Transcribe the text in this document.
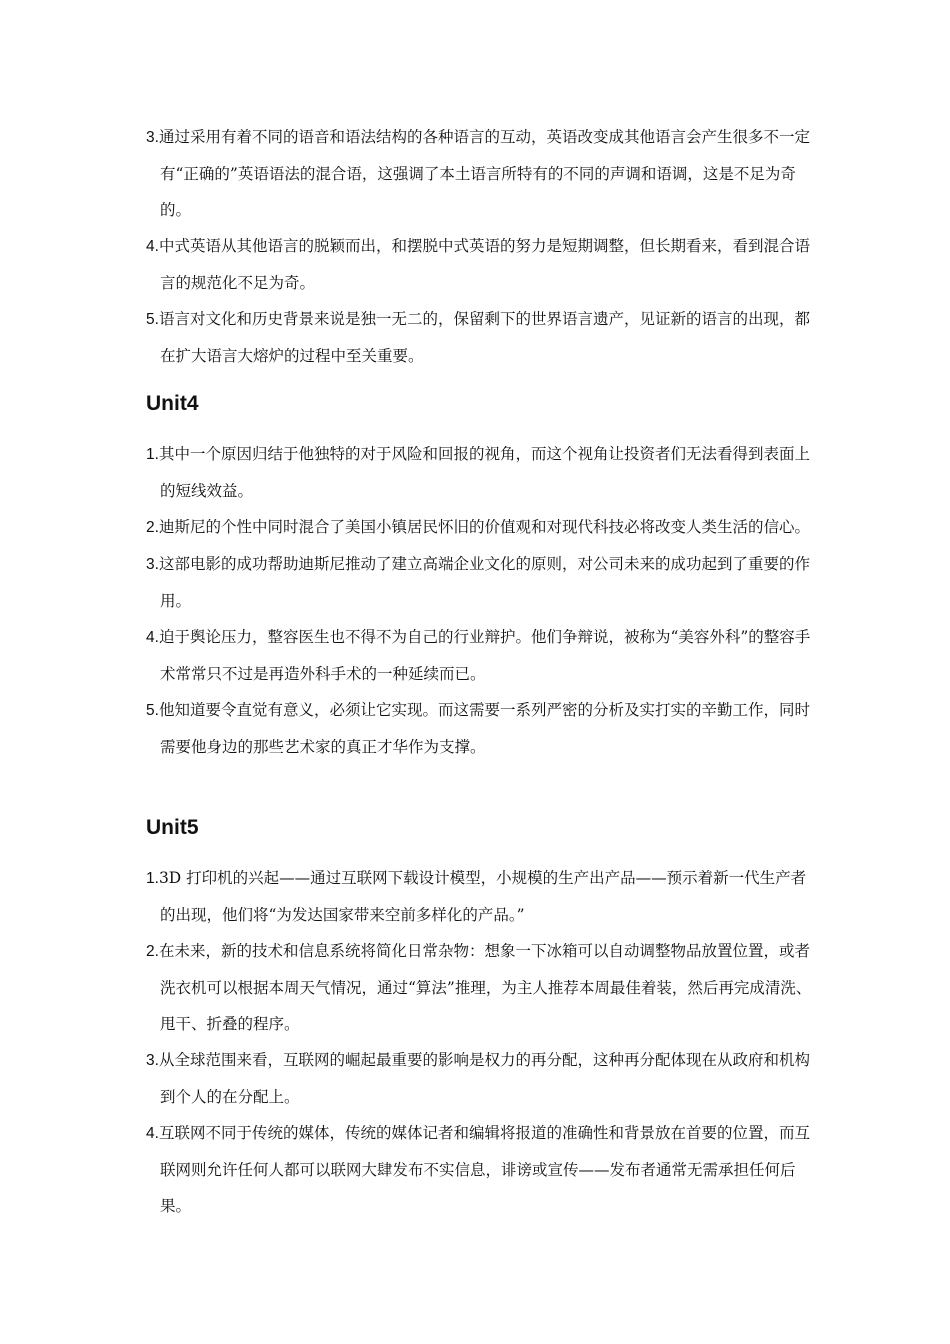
3.通过采用有着不同的语音和语法结构的各种语言的互动，英语改变成其他语言会产生很多不一定有“正确的”英语语法的混合语，这强调了本土语言所特有的不同的声调和语调，这是不足为奇的。

4.中式英语从其他语言的脱颖而出，和摆脱中式英语的努力是短期调整，但长期看来，看到混合语言的规范化不足为奇。

5.语言对文化和历史背景来说是独一无二的，保留剩下的世界语言遗产，见证新的语言的出现，都在扩大语言大熔炉的过程中至关重要。

Unit4

1.其中一个原因归结于他独特的对于风险和回报的视角，而这个视角让投资者们无法看得到表面上的短线效益。

2.迪斯尼的个性中同时混合了美国小镇居民怀旧的价值观和对现代科技必将改变人类生活的信心。

3.这部电影的成功帮助迪斯尼推动了建立高端企业文化的原则，对公司未来的成功起到了重要的作用。

4.迫于舆论压力，整容医生也不得不为自己的行业辩护。他们争辩说，被称为“美容外科”的整容手术常常只不过是再造外科手术的一种延续而已。

5.他知道要令直觉有意义，必须让它实现。而这需要一系列严密的分析及实打实的辛勤工作，同时需要他身边的那些艺术家的真正才华作为支撑。

Unit5

1.3D 打印机的兴起——通过互联网下载设计模型，小规模的生产出产品——预示着新一代生产者的出现，他们将“为发达国家带来空前多样化的产品。”

2.在未来，新的技术和信息系统将简化日常杂物：想象一下冰箱可以自动调整物品放置位置，或者洗衣机可以根据本周天气情况，通过“算法”推理，为主人推荐本周最佳着装，然后再完成清洗、甩干、折叠的程序。

3.从全球范围来看，互联网的崛起最重要的影响是权力的再分配，这种再分配体现在从政府和机构到个人的在分配上。

4.互联网不同于传统的媒体，传统的媒体记者和编辑将报道的准确性和背景放在首要的位置，而互联网则允许任何人都可以联网大肆发布不实信息，诽谤或宣传——发布者通常无需承担任何后果。
